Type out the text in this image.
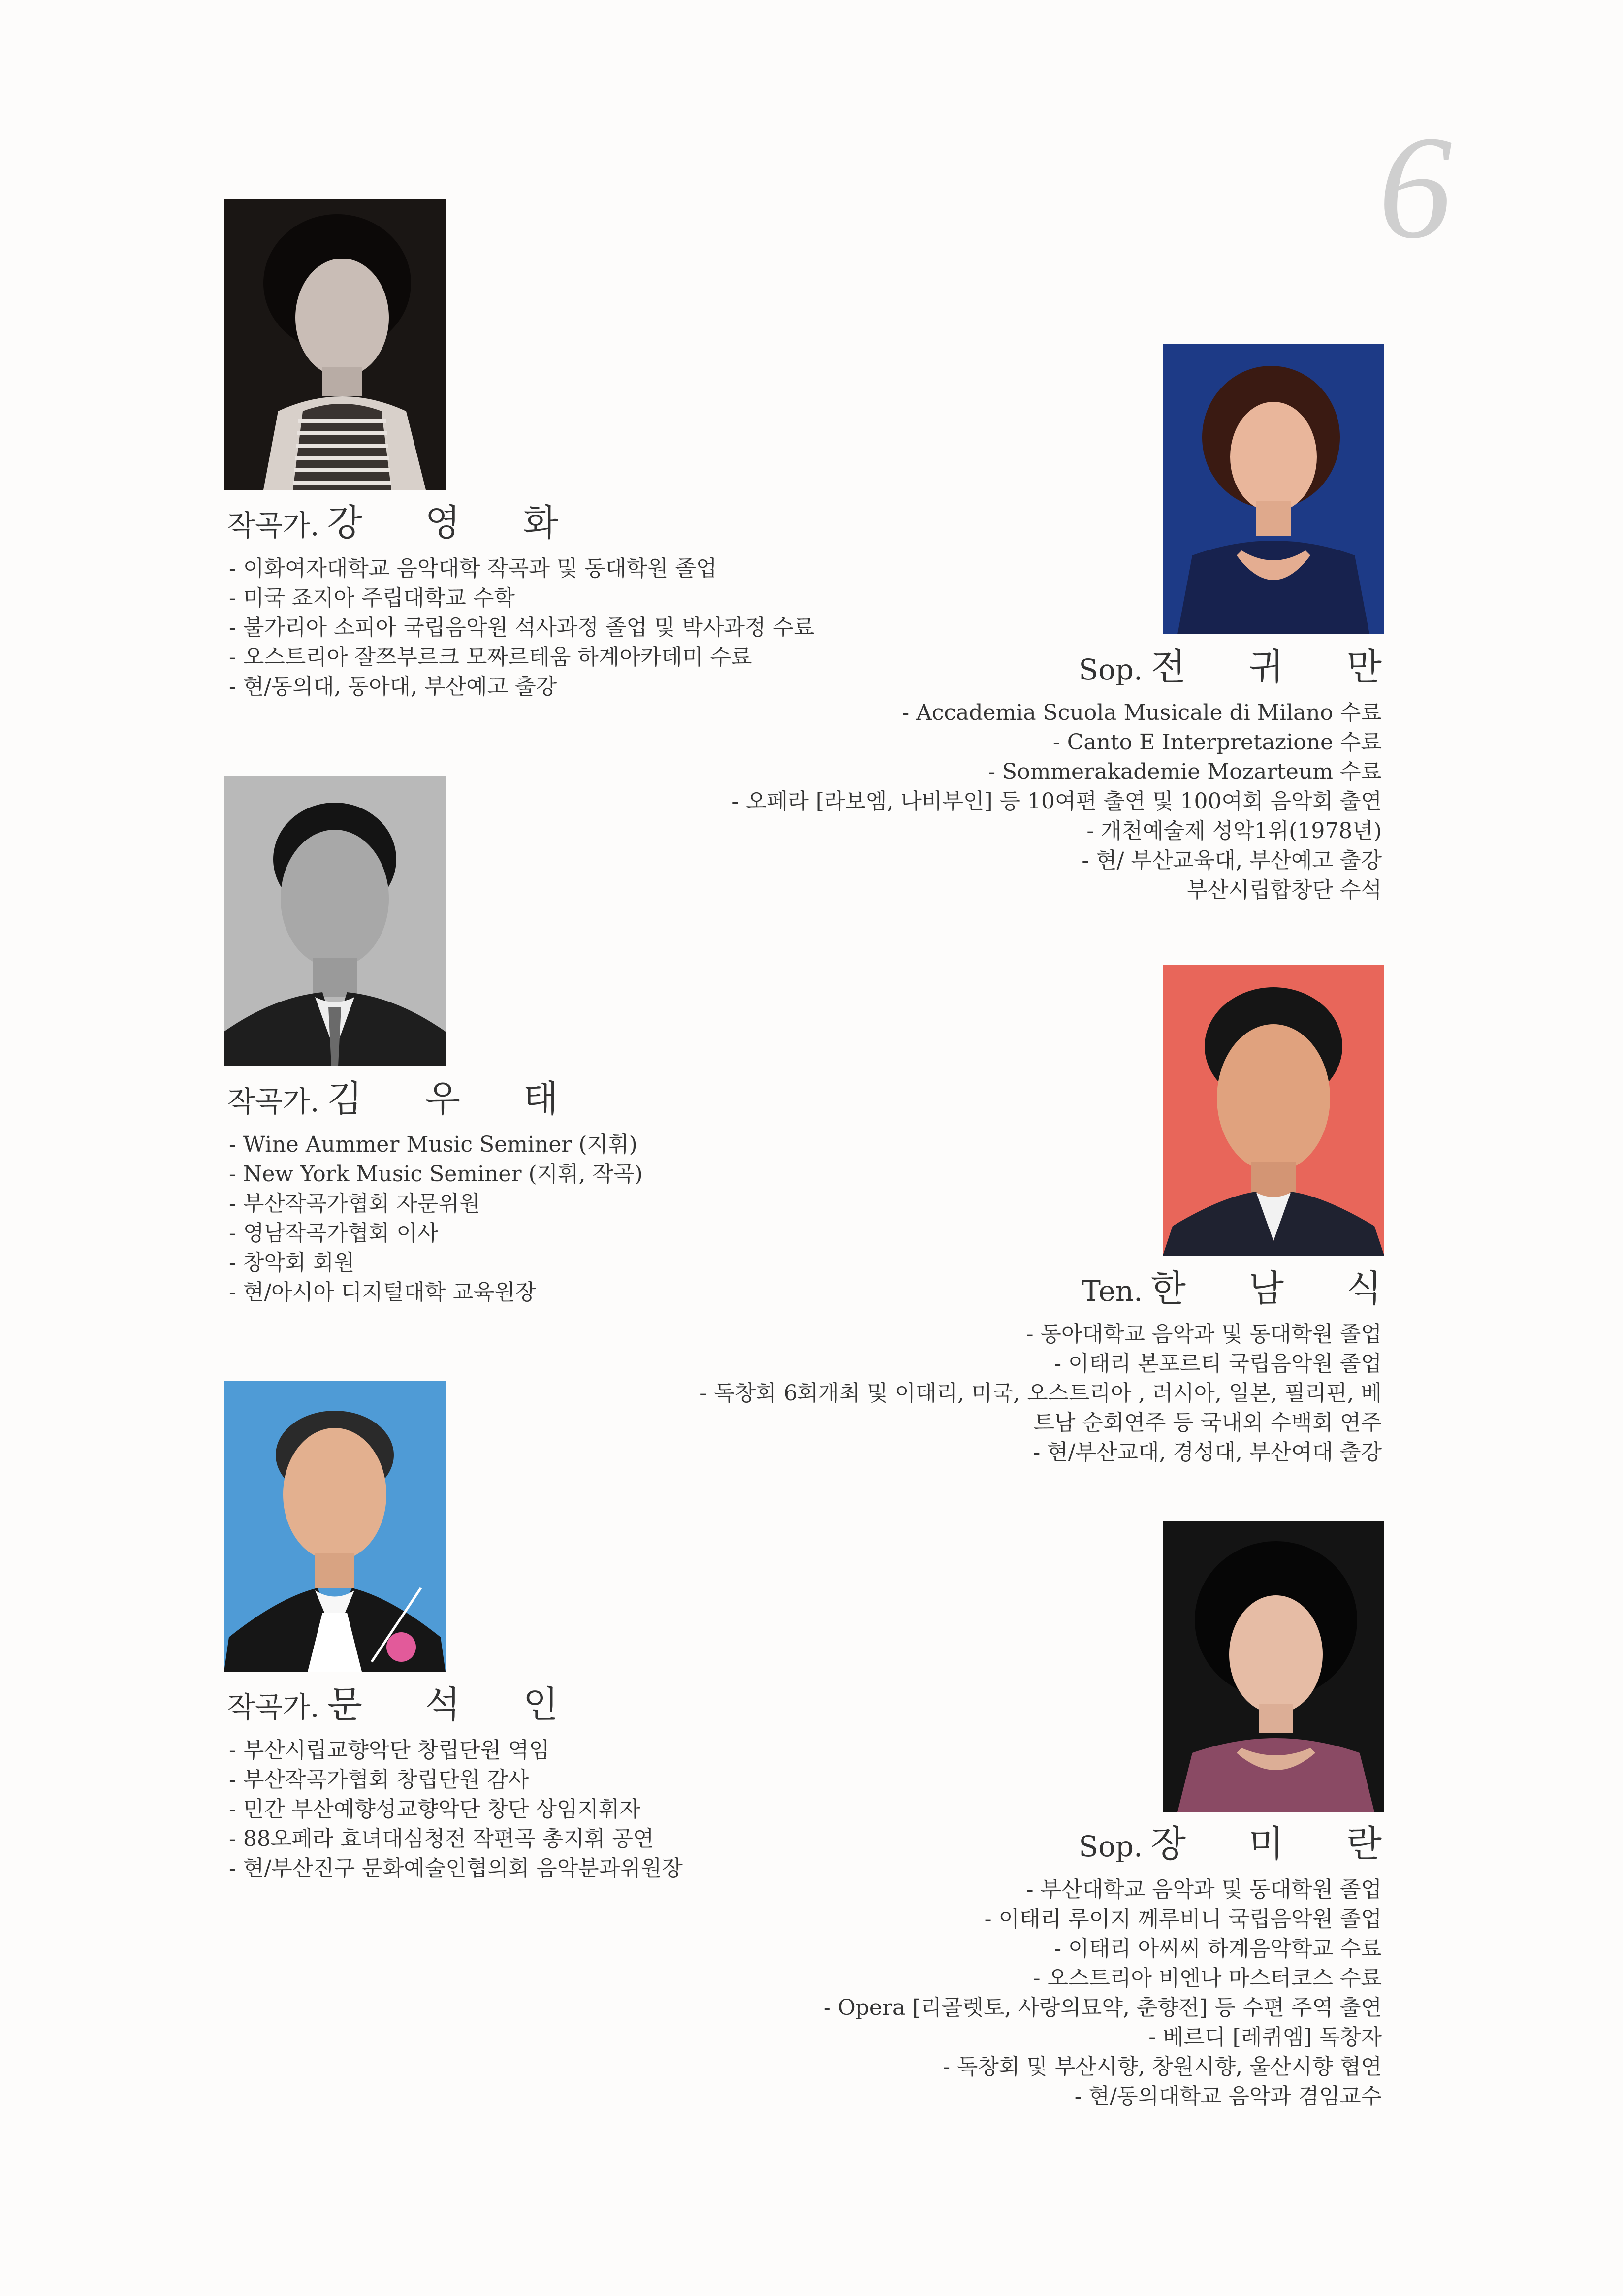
6
작곡가. 강 영 화
- 이화여자대학교 음악대학 작곡과 및 동대학원 졸업
- 미국 죠지아 주립대학교 수학
- 불가리아 소피아 국립음악원 석사과정 졸업 및 박사과정 수료
- 오스트리아 잘쯔부르크 모짜르테움 하계아카데미 수료
- 현/동의대, 동아대, 부산예고 출강
Sop. 전 귀 만
- Accademia Scuola Musicale di Milano 수료
- Canto E Interpretazione 수료
- Sommerakademie Mozarteum 수료
- 오페라 [라보엠, 나비부인] 등 10여편 출연 및 100여회 음악회 출연
- 개천예술제 성악1위(1978년)
- 현/ 부산교육대, 부산예고 출강
부산시립합창단 수석
작곡가. 김 우 태
- Wine Aummer Music Seminer (지휘)
- New York Music Seminer (지휘, 작곡)
- 부산작곡가협회 자문위원
- 영남작곡가협회 이사
- 창악회 회원
- 현/아시아 디지털대학 교육원장	Ten. 한 남 식
- 동아대학교 음악과 및 동대학원 졸업
- 이태리 본포르티 국립음악원 졸업
- 독창회 6회개최 및 이태리, 미국, 오스트리아 , 러시아, 일본, 필리핀, 베
트남 순회연주 등 국내외 수백회 연주
- 현/부산교대, 경성대, 부산여대 출강
작곡가. 문 석 인
- 부산시립교향악단 창립단원 역임
- 부산작곡가협회 창립단원 감사
- 민간 부산예향성교향악단 창단 상임지휘자
- 88오페라 효녀대심청전 작편곡 총지휘 공연
- 현/부산진구 문화예술인협의회 음악분과위원장
Sop. 장 미 란
- 부산대학교 음악과 및 동대학원 졸업
- 이태리 루이지 께루비니 국립음악원 졸업
- 이태리 아씨씨 하계음악학교 수료
- 오스트리아 비엔나 마스터코스 수료
- Opera [리골렛토, 사랑의묘약, 춘향전] 등 수편 주역 출연
- 베르디 [레퀴엠] 독창자
- 독창회 및 부산시향, 창원시향, 울산시향 협연
- 현/동의대학교 음악과 겸임교수
